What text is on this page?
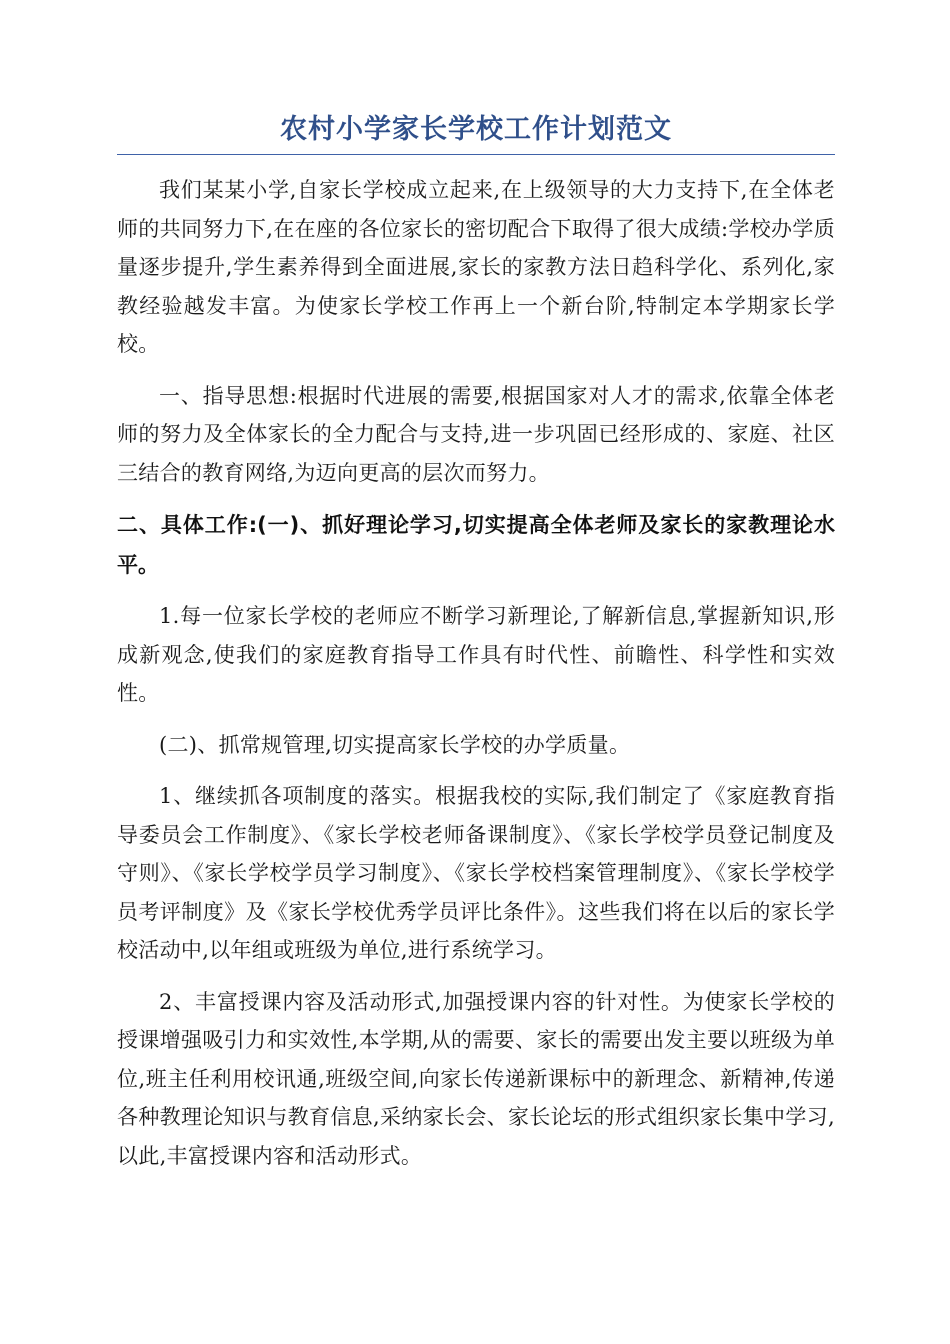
农村小学家长学校工作计划范文

我们某某小学,自家长学校成立起来,在上级领导的大力支持下,在全体老师的共同努力下,在在座的各位家长的密切配合下取得了很大成绩:学校办学质量逐步提升,学生素养得到全面进展,家长的家教方法日趋科学化、系列化,家教经验越发丰富。为使家长学校工作再上一个新台阶,特制定本学期家长学校。

一、指导思想:根据时代进展的需要,根据国家对人才的需求,依靠全体老师的努力及全体家长的全力配合与支持,进一步巩固已经形成的、家庭、社区三结合的教育网络,为迈向更高的层次而努力。

二、具体工作:(一)、抓好理论学习,切实提高全体老师及家长的家教理论水平。

1.每一位家长学校的老师应不断学习新理论,了解新信息,掌握新知识,形成新观念,使我们的家庭教育指导工作具有时代性、前瞻性、科学性和实效性。

(二)、抓常规管理,切实提高家长学校的办学质量。

1、继续抓各项制度的落实。根据我校的实际,我们制定了《家庭教育指导委员会工作制度》、《家长学校老师备课制度》、《家长学校学员登记制度及守则》、《家长学校学员学习制度》、《家长学校档案管理制度》、《家长学校学员考评制度》及《家长学校优秀学员评比条件》。这些我们将在以后的家长学校活动中,以年组或班级为单位,进行系统学习。

2、丰富授课内容及活动形式,加强授课内容的针对性。为使家长学校的授课增强吸引力和实效性,本学期,从的需要、家长的需要出发主要以班级为单位,班主任利用校讯通,班级空间,向家长传递新课标中的新理念、新精神,传递各种教理论知识与教育信息,采纳家长会、家长论坛的形式组织家长集中学习,以此,丰富授课内容和活动形式。
